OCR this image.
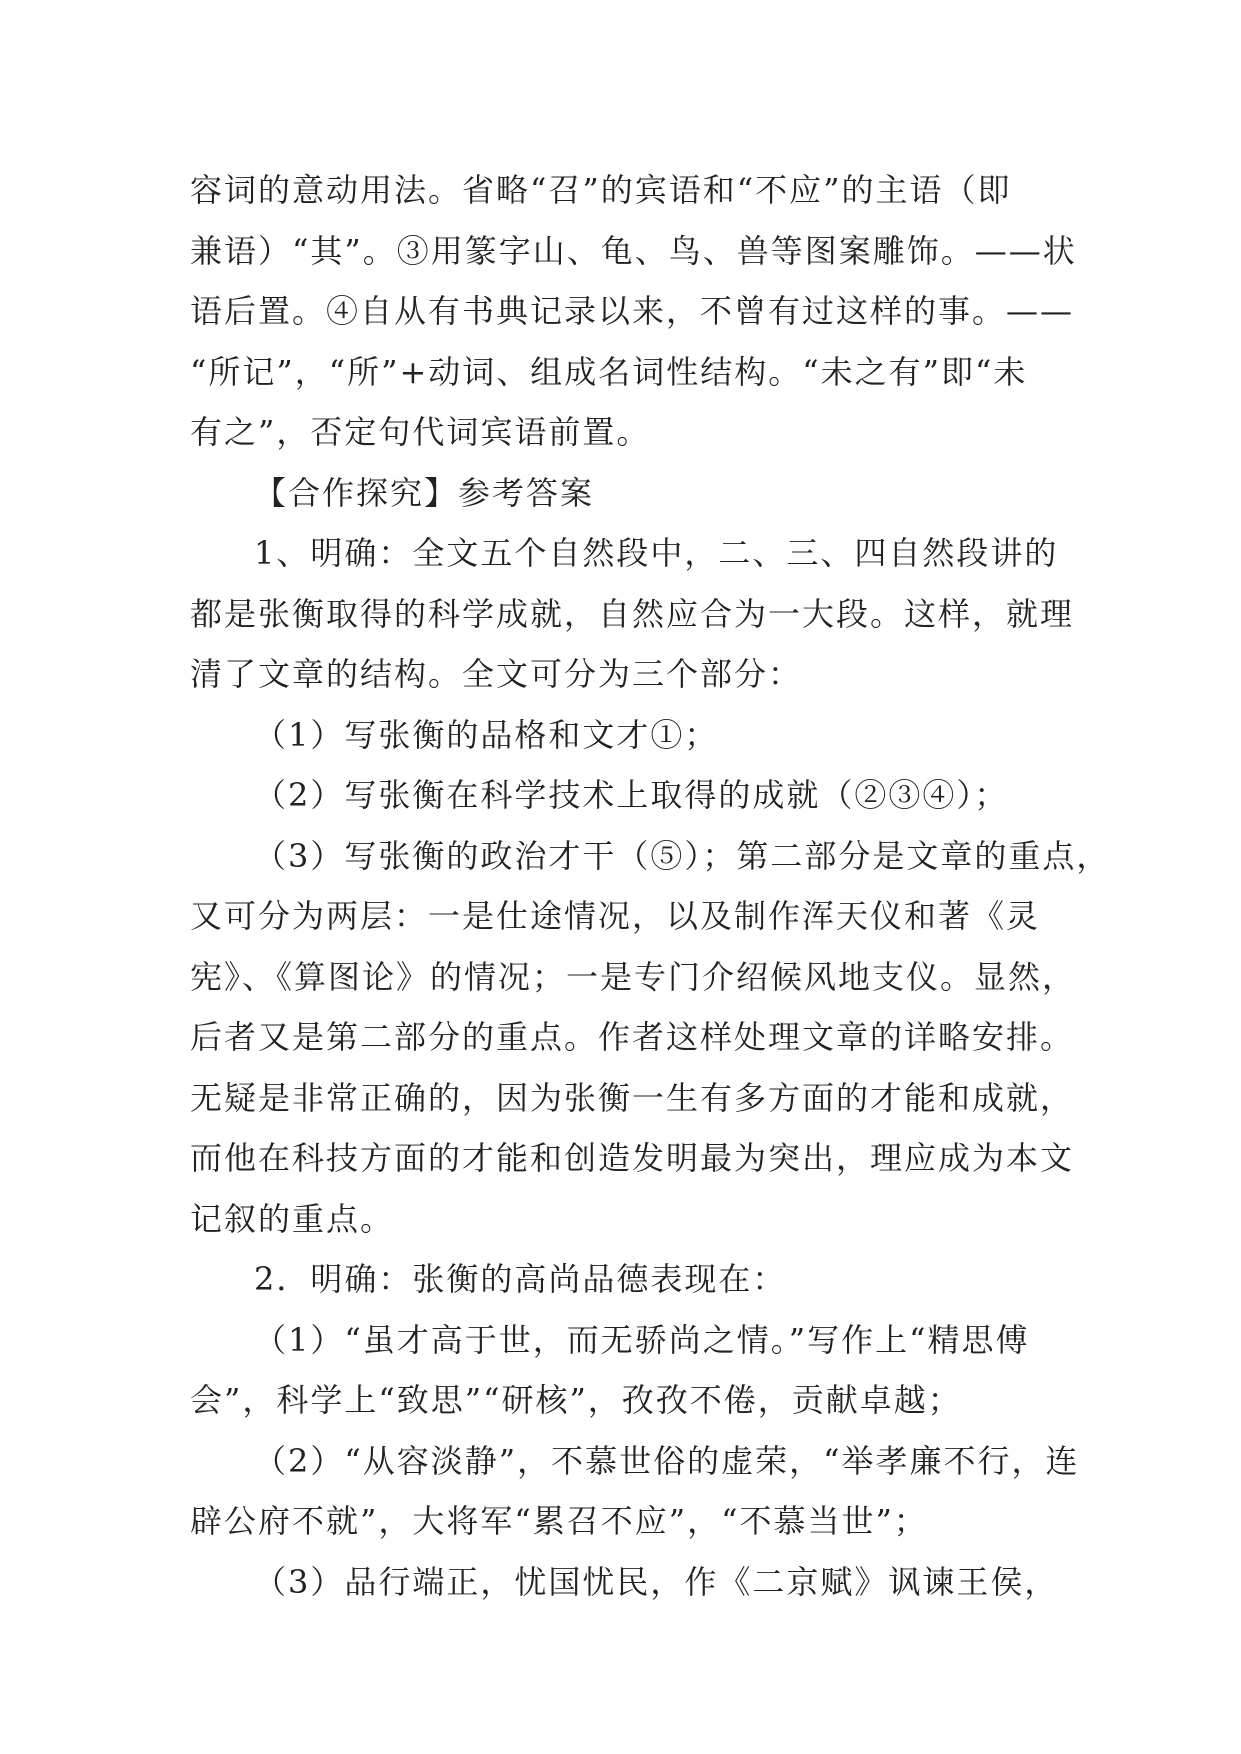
容词的意动用法。省略“召”的宾语和“不应”的主语（即
兼语）“其”。③用篆字山、龟、鸟、兽等图案雕饰。——状
语后置。④自从有书典记录以来，不曾有过这样的事。——
“所记”，“所”+动词、组成名词性结构。“未之有”即“未
有之”，否定句代词宾语前置。
【合作探究】参考答案
1、明确：全文五个自然段中，二、三、四自然段讲的
都是张衡取得的科学成就，自然应合为一大段。这样，就理
清了文章的结构。全文可分为三个部分：
（1）写张衡的品格和文才①；
（2）写张衡在科学技术上取得的成就（②③④）；
（3）写张衡的政治才干（⑤）；第二部分是文章的重点，
又可分为两层：一是仕途情况，以及制作浑天仪和著《灵
宪》、《算图论》的情况；一是专门介绍候风地支仪。显然，
后者又是第二部分的重点。作者这样处理文章的详略安排。
无疑是非常正确的，因为张衡一生有多方面的才能和成就，
而他在科技方面的才能和创造发明最为突出，理应成为本文
记叙的重点。
2．明确：张衡的高尚品德表现在：
（1）“虽才高于世，而无骄尚之情。”写作上“精思傅
会”，科学上“致思”“研核”，孜孜不倦，贡献卓越；
（2）“从容淡静”，不慕世俗的虚荣，“举孝廉不行，连
辟公府不就”，大将军“累召不应”，“不慕当世”；
（3）品行端正，忧国忧民，作《二京赋》讽谏王侯，
